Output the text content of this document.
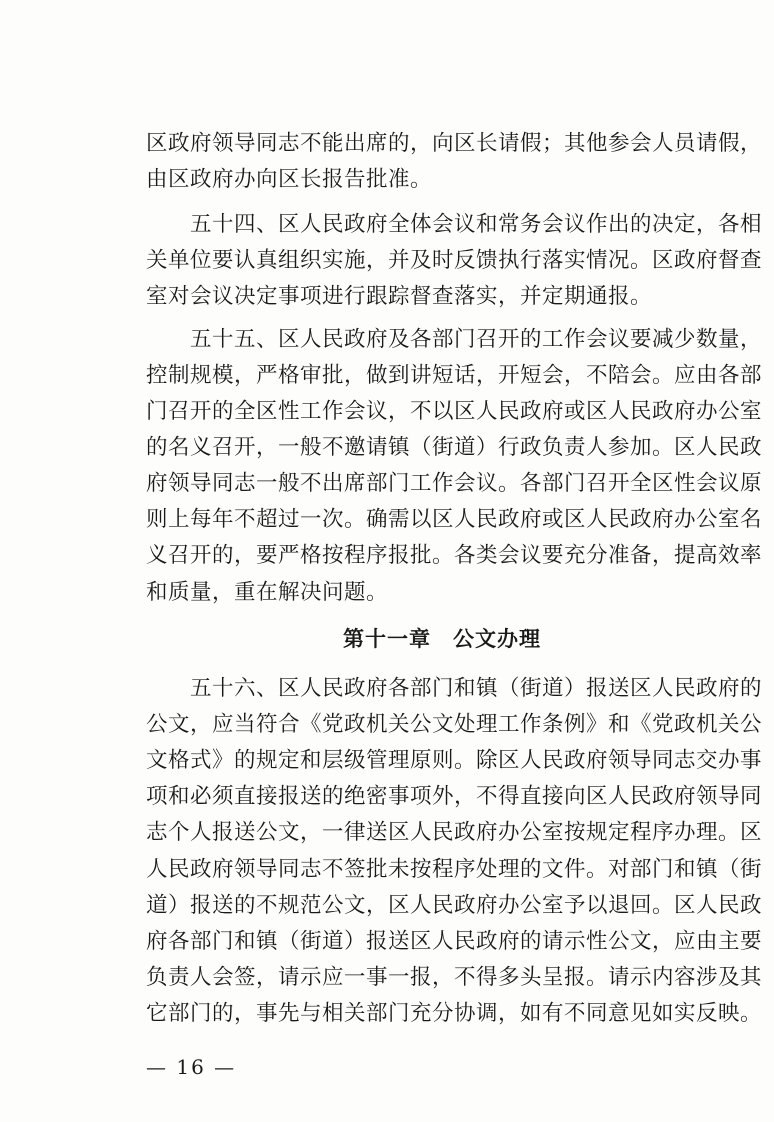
区政府领导同志不能出席的，向区长请假；其他参会人员请假，
由区政府办向区长报告批准。
五十四、区人民政府全体会议和常务会议作出的决定，各相
关单位要认真组织实施，并及时反馈执行落实情况。区政府督查
室对会议决定事项进行跟踪督查落实，并定期通报。
五十五、区人民政府及各部门召开的工作会议要减少数量，
控制规模，严格审批，做到讲短话，开短会，不陪会。应由各部
门召开的全区性工作会议，不以区人民政府或区人民政府办公室
的名义召开，一般不邀请镇（街道）行政负责人参加。区人民政
府领导同志一般不出席部门工作会议。各部门召开全区性会议原
则上每年不超过一次。确需以区人民政府或区人民政府办公室名
义召开的，要严格按程序报批。各类会议要充分准备，提高效率
和质量，重在解决问题。
第十一章　公文办理
五十六、区人民政府各部门和镇（街道）报送区人民政府的
公文，应当符合《党政机关公文处理工作条例》和《党政机关公
文格式》的规定和层级管理原则。除区人民政府领导同志交办事
项和必须直接报送的绝密事项外，不得直接向区人民政府领导同
志个人报送公文，一律送区人民政府办公室按规定程序办理。区
人民政府领导同志不签批未按程序处理的文件。对部门和镇（街
道）报送的不规范公文，区人民政府办公室予以退回。区人民政
府各部门和镇（街道）报送区人民政府的请示性公文，应由主要
负责人会签，请示应一事一报，不得多头呈报。请示内容涉及其
它部门的，事先与相关部门充分协调，如有不同意见如实反映。
— 16 —
